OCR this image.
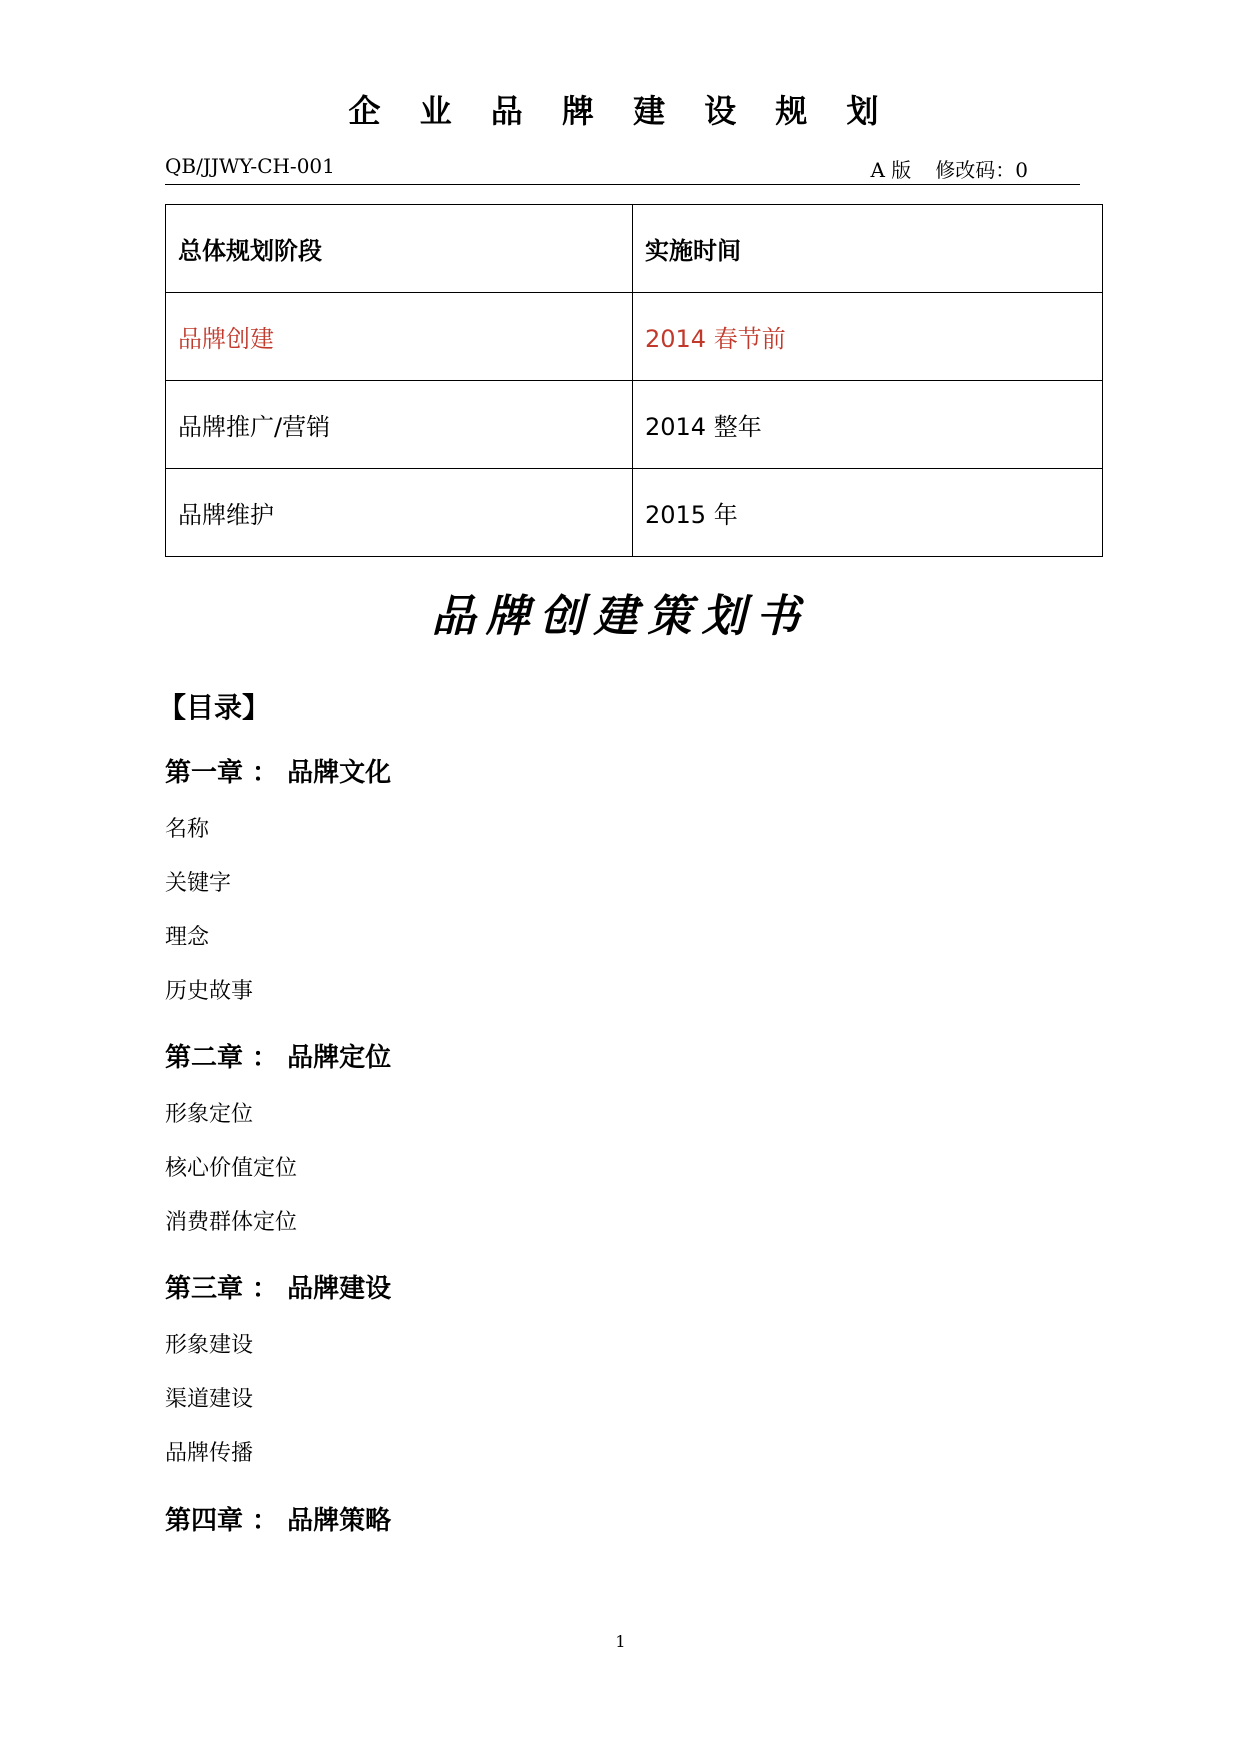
企 业 品 牌 建 设 规 划
QB/JJWY-CH-001	A 版 修改码：0
总体规划阶段	实施时间
品牌创建	2014 春节前
品牌推广/营销	2014 整年
品牌维护	2015 年
品牌创建策划书
【目录】
第一章 ： 品牌文化
名称
关键字
理念
历史故事
第二章 ： 品牌定位
形象定位
核心价值定位
消费群体定位
第三章 ： 品牌建设
形象建设
渠道建设
品牌传播
第四章 ： 品牌策略
1
